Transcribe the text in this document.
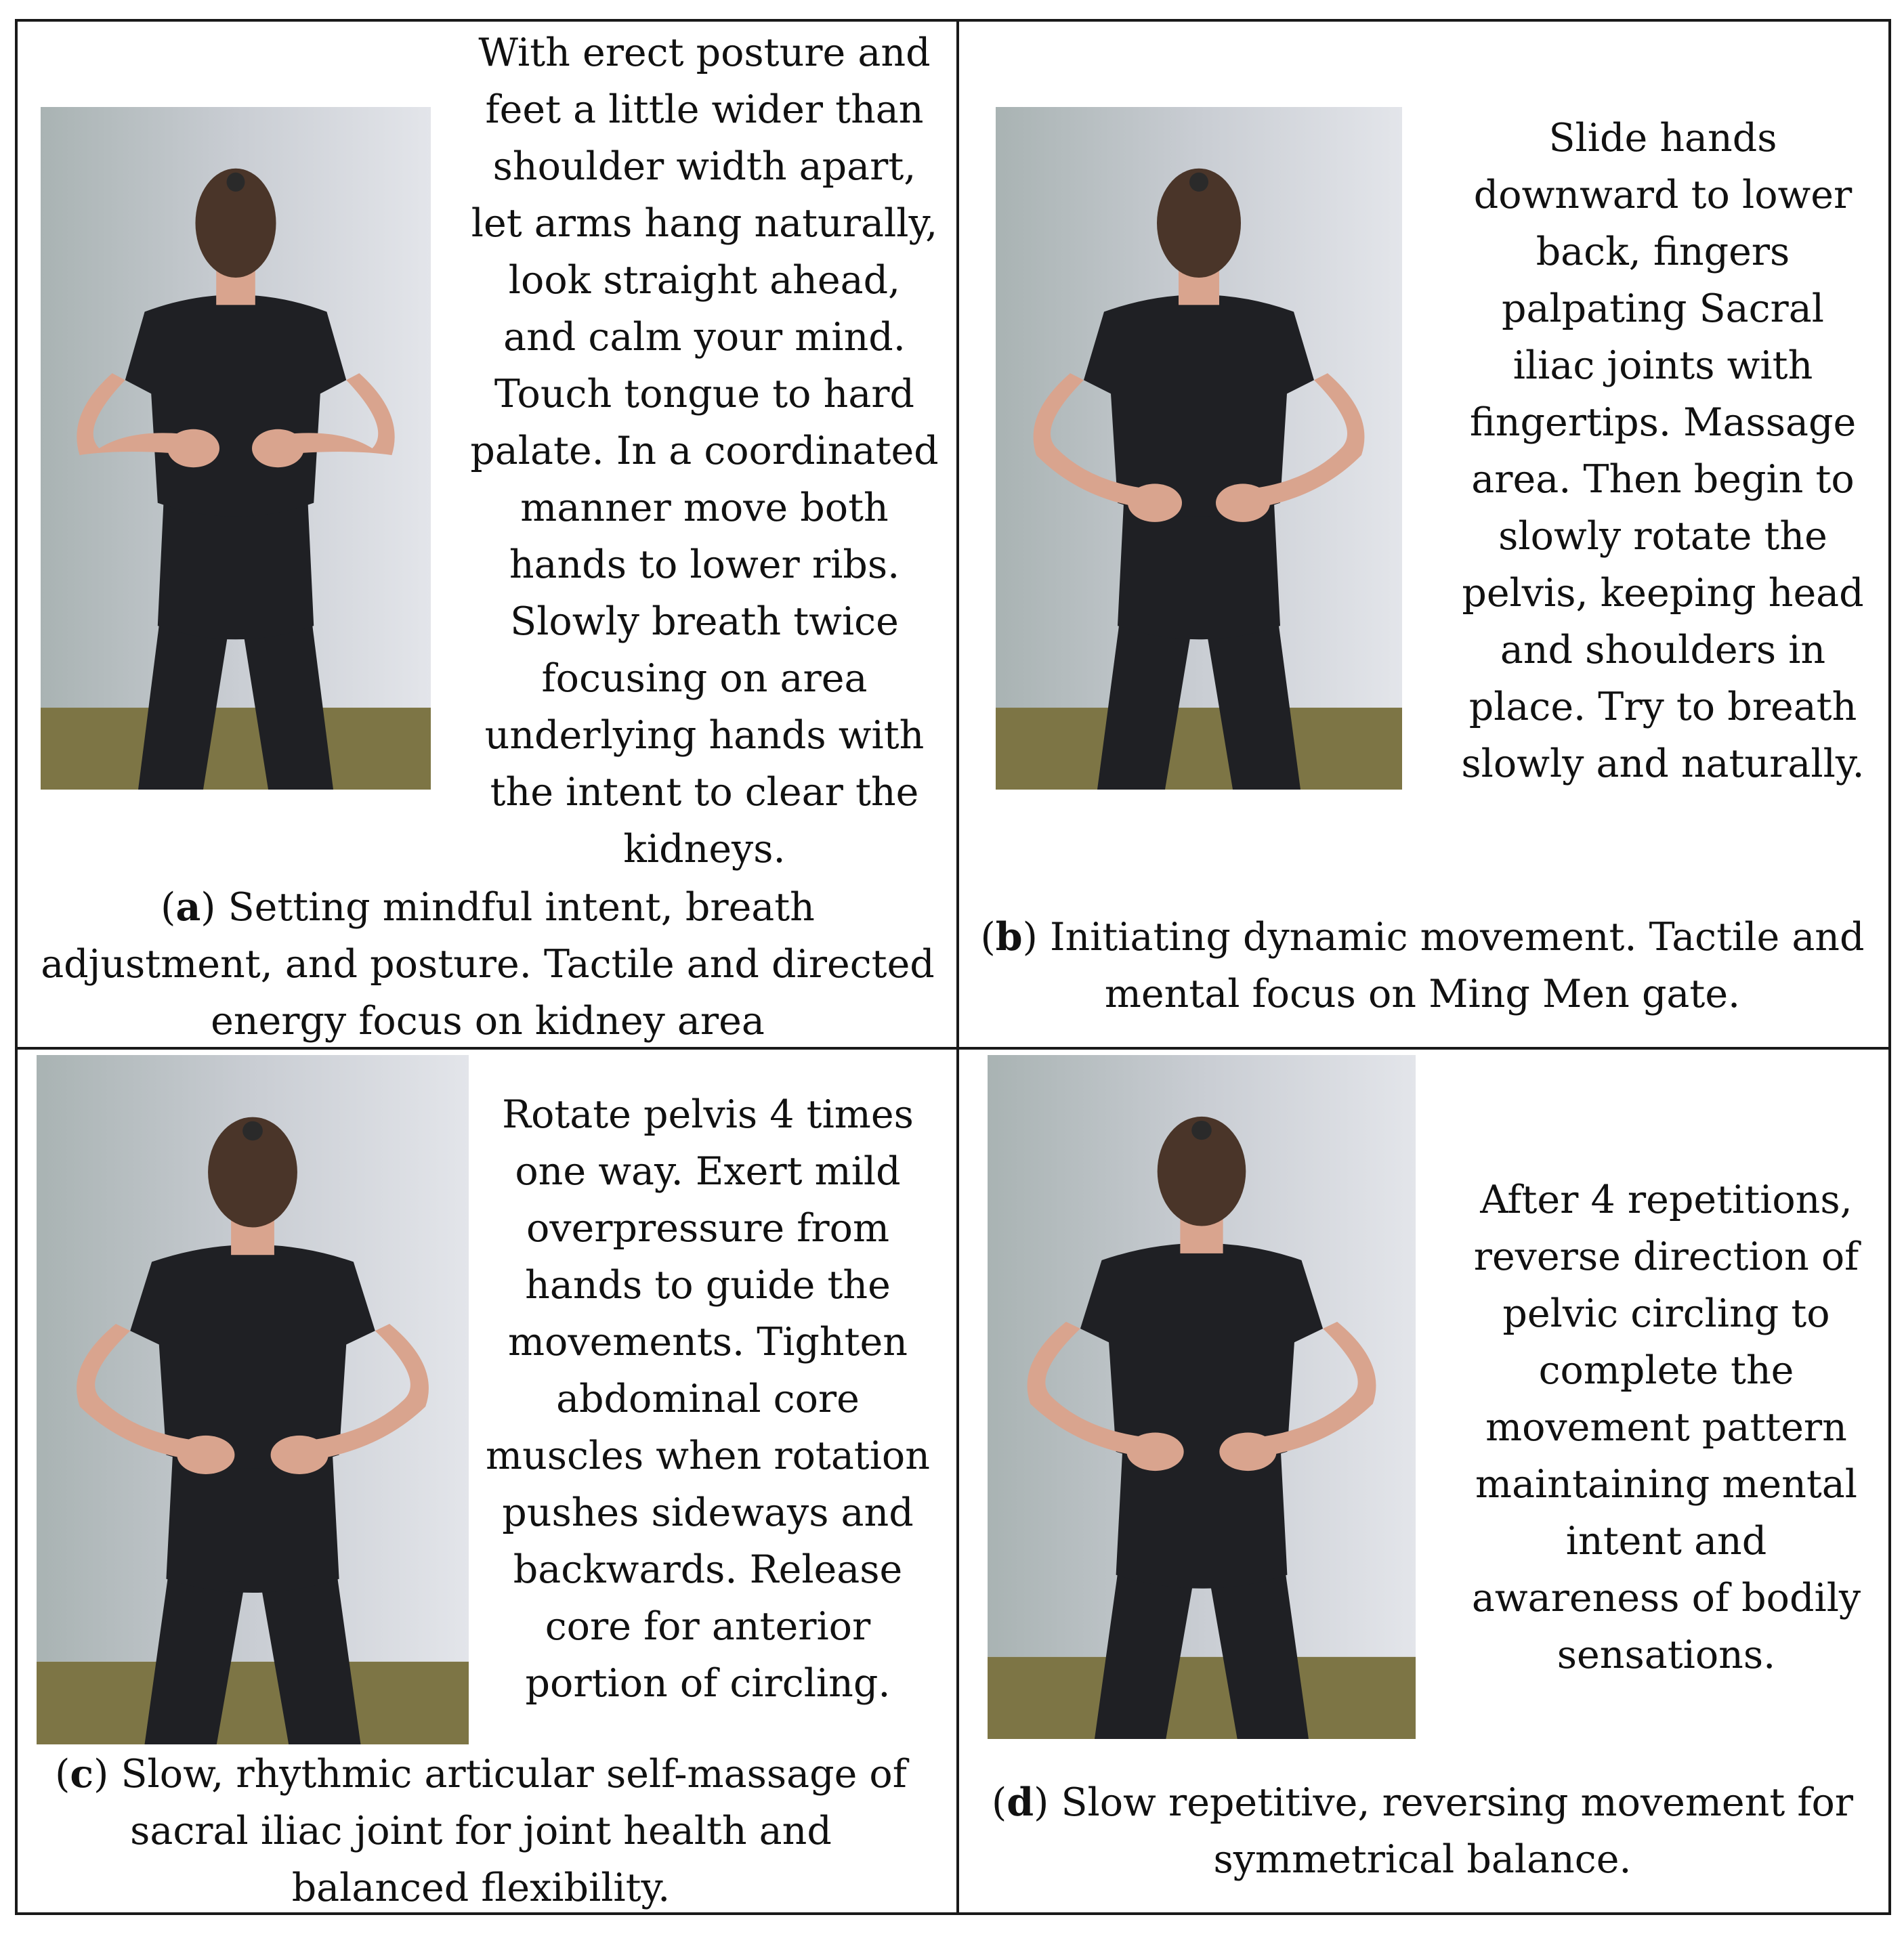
With erect posture and feet a little wider than shoulder width apart, let arms hang naturally, look straight ahead, and calm your mind. Touch tongue to hard palate. In a coordinated manner move both hands to lower ribs. Slowly breath twice focusing on area underlying hands with the intent to clear the kidneys.

(a) Setting mindful intent, breath adjustment, and posture. Tactile and directed energy focus on kidney area

Slide hands downward to lower back, fingers palpating Sacral iliac joints with fingertips. Massage area. Then begin to slowly rotate the pelvis, keeping head and shoulders in place. Try to breath slowly and naturally.

(b) Initiating dynamic movement. Tactile and mental focus on Ming Men gate.

Rotate pelvis 4 times one way. Exert mild overpressure from hands to guide the movements. Tighten abdominal core muscles when rotation pushes sideways and backwards. Release core for anterior portion of circling.

(c) Slow, rhythmic articular self-massage of sacral iliac joint for joint health and balanced flexibility.

After 4 repetitions, reverse direction of pelvic circling to complete the movement pattern maintaining mental intent and awareness of bodily sensations.

(d) Slow repetitive, reversing movement for symmetrical balance.
